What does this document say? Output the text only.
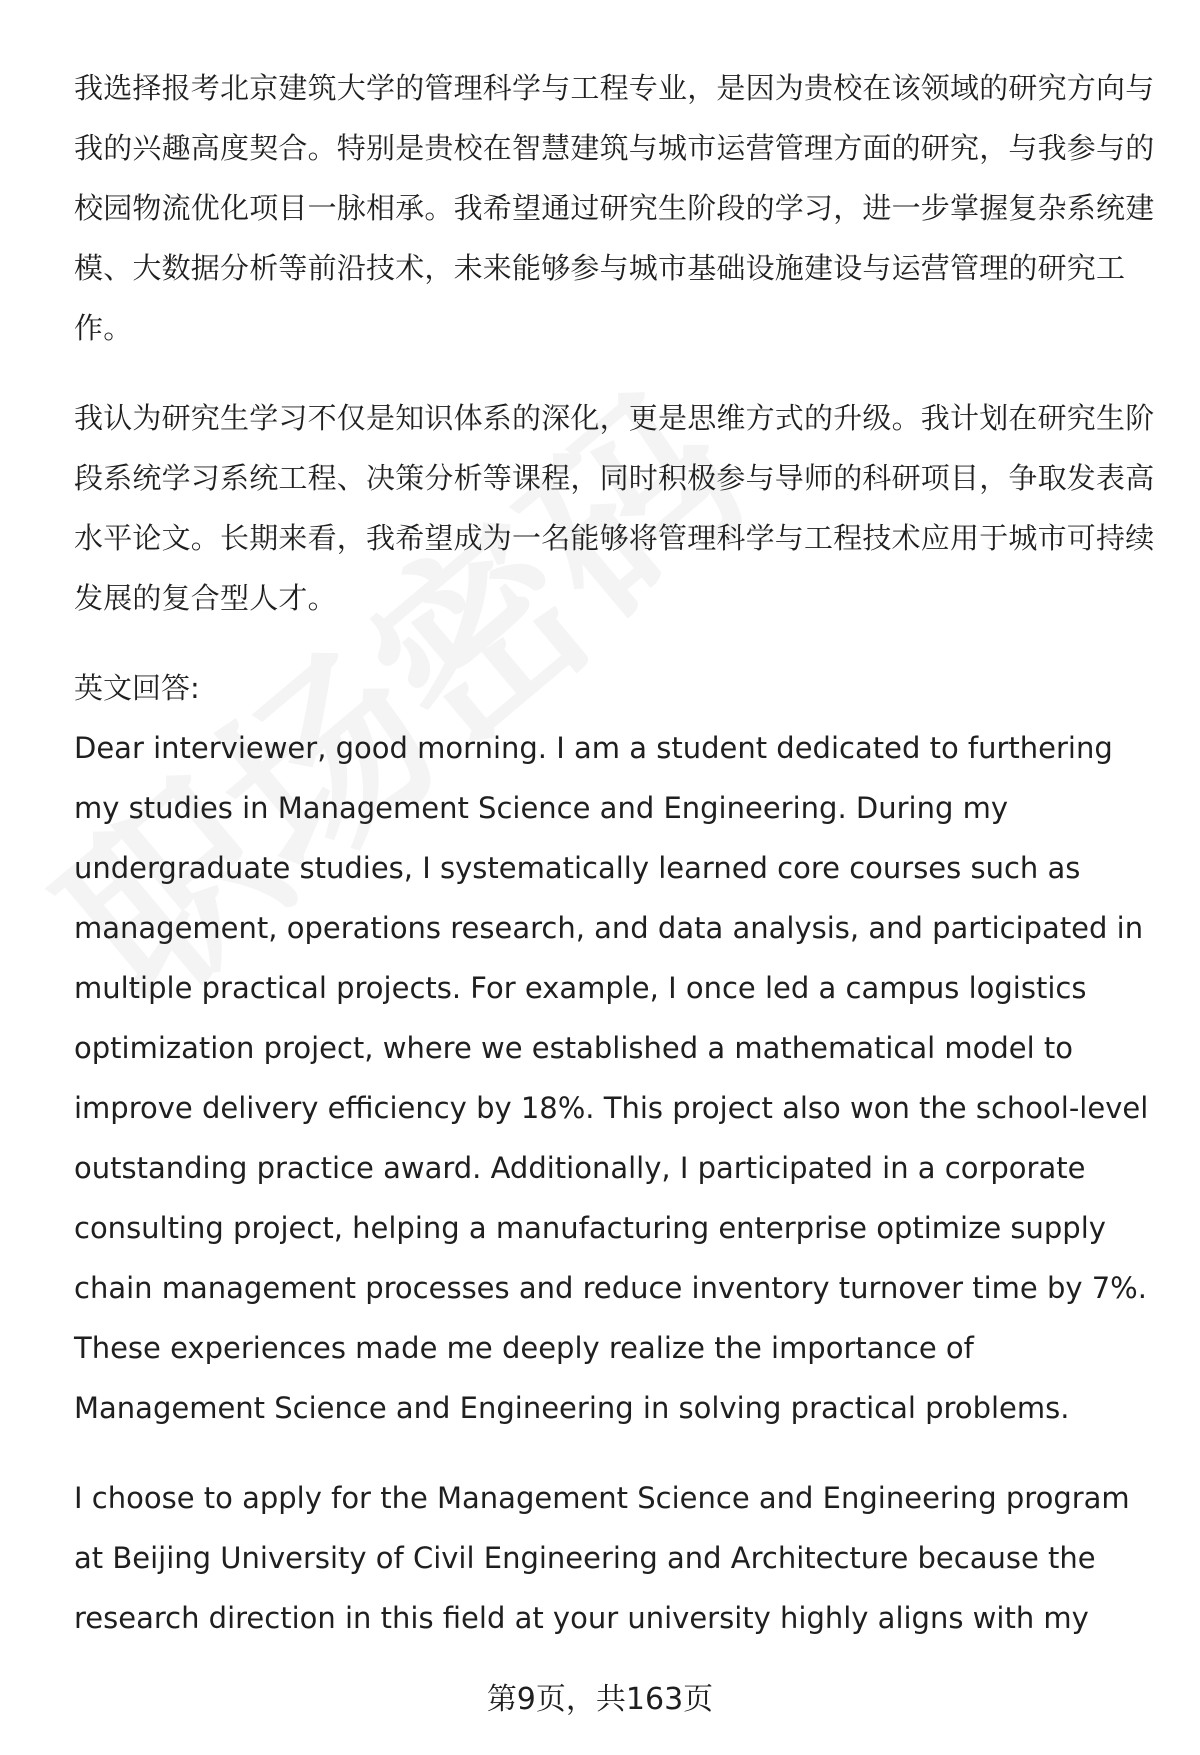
我选择报考北京建筑大学的管理科学与工程专业，是因为贵校在该领域的研究方向与我的兴趣高度契合。特别是贵校在智慧建筑与城市运营管理方面的研究，与我参与的校园物流优化项目一脉相承。我希望通过研究生阶段的学习，进一步掌握复杂系统建模、大数据分析等前沿技术，未来能够参与城市基础设施建设与运营管理的研究工作。

我认为研究生学习不仅是知识体系的深化，更是思维方式的升级。我计划在研究生阶段系统学习系统工程、决策分析等课程，同时积极参与导师的科研项目，争取发表高水平论文。长期来看，我希望成为一名能够将管理科学与工程技术应用于城市可持续发展的复合型人才。

英文回答:

Dear interviewer, good morning. I am a student dedicated to furthering my studies in Management Science and Engineering. During my undergraduate studies, I systematically learned core courses such as management, operations research, and data analysis, and participated in multiple practical projects. For example, I once led a campus logistics optimization project, where we established a mathematical model to improve delivery efficiency by 18%. This project also won the school-level outstanding practice award. Additionally, I participated in a corporate consulting project, helping a manufacturing enterprise optimize supply chain management processes and reduce inventory turnover time by 7%. These experiences made me deeply realize the importance of Management Science and Engineering in solving practical problems.

I choose to apply for the Management Science and Engineering program at Beijing University of Civil Engineering and Architecture because the research direction in this field at your university highly aligns with my

第9页，共163页
